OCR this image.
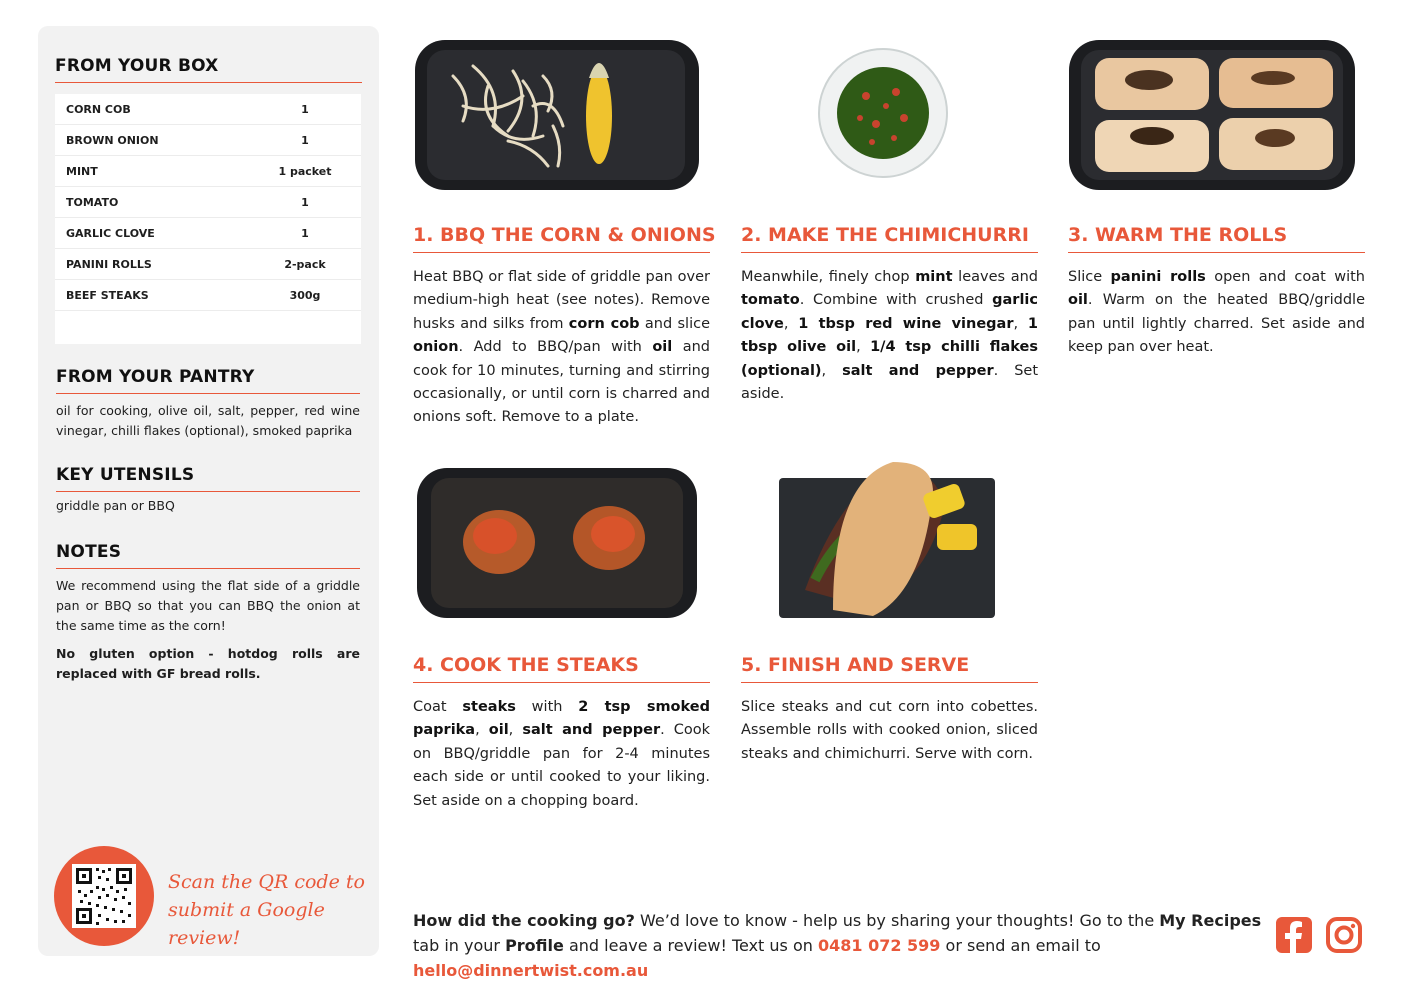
FROM YOUR BOX
CORN COB	1
BROWN ONION	1
MINT	1 packet
TOMATO	1
GARLIC CLOVE	1
PANINI ROLLS	2-pack
BEEF STEAKS	300g
FROM YOUR PANTRY
oil for cooking, olive oil, salt, pepper, red wine vinegar, chilli flakes (optional), smoked paprika
KEY UTENSILS
griddle pan or BBQ
NOTES
We recommend using the flat side of a griddle pan or BBQ so that you can BBQ the onion at the same time as the corn!
No gluten option - hotdog rolls are replaced with GF bread rolls.
Scan the QR code to
submit a Google review!
1. BBQ THE CORN & ONIONS
Heat BBQ or flat side of griddle pan over medium-high heat (see notes). Remove husks and silks from corn cob and slice onion. Add to BBQ/pan with oil and cook for 10 minutes, turning and stirring occasionally, or until corn is charred and onions soft. Remove to a plate.
2. MAKE THE CHIMICHURRI
Meanwhile, finely chop mint leaves and tomato. Combine with crushed garlic clove, 1 tbsp red wine vinegar, 1 tbsp olive oil, 1/4 tsp chilli flakes (optional), salt and pepper. Set aside.
3. WARM THE ROLLS
Slice panini rolls open and coat with oil. Warm on the heated BBQ/griddle pan until lightly charred. Set aside and keep pan over heat.
4. COOK THE STEAKS
Coat steaks with 2 tsp smoked paprika, oil, salt and pepper. Cook on BBQ/griddle pan for 2-4 minutes each side or until cooked to your liking. Set aside on a chopping board.
5. FINISH AND SERVE
Slice steaks and cut corn into cobettes. Assemble rolls with cooked onion, sliced steaks and chimichurri. Serve with corn.
How did the cooking go? We’d love to know - help us by sharing your thoughts! Go to the My Recipes tab in your Profile and leave a review! Text us on 0481 072 599 or send an email to hello@dinnertwist.com.au
